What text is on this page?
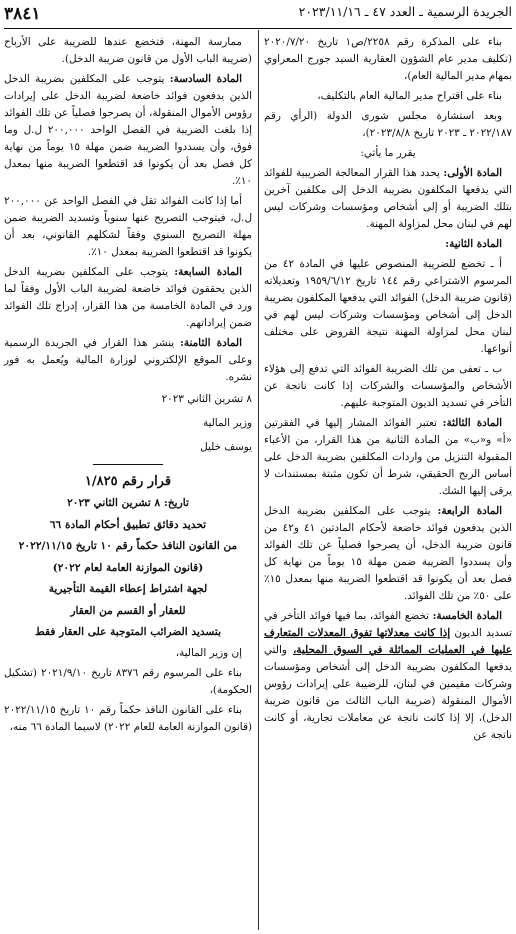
الجريدة الرسمية ـ العدد ٤٧ ـ ٢٠٢٣/١١/١٦
٣٨٤١

بناء على المذكرة رقم ٢٢٥٨/ص١ تاريخ ٢٠٢٠/٧/٢٠ (تكليف مدير عام الشؤون العقارية السيد جورج المعراوي بمهام مدير المالية العام)،

بناء على اقتراح مدير المالية العام بالتكليف،

وبعد استشارة مجلس شورى الدولة (الرأي رقم ٢٠٢٢/١٨٧ ـ ٢٠٢٣ تاريخ ٢٠٢٣/٨/٨)،

يقرر ما يأتي:

المادة الأولى: يحدد هذا القرار المعالجة الضريبية للفوائد التي يدفعها المكلفون بضريبة الدخل إلى مكلفين آخرين بتلك الضريبة أو إلى أشخاص ومؤسسات وشركات ليس لهم في لبنان محل لمزاولة المهنة.

المادة الثانية:

أ ـ تخضع للضريبة المنصوص عليها في المادة ٤٢ من المرسوم الاشتراعي رقم ١٤٤ تاريخ ١٩٥٩/٦/١٢ وتعديلاته (قانون ضريبة الدخل) الفوائد التي يدفعها المكلفون بضريبة الدخل إلى أشخاص ومؤسسات وشركات ليس لهم في لبنان محل لمزاولة المهنة نتيجة القروض على مختلف أنواعها.

ب ـ تعفى من تلك الضريبة الفوائد التي تدفع إلى هؤلاء الأشخاص والمؤسسات والشركات إذا كانت ناتجة عن التأخر في تسديد الديون المتوجبة عليهم.

المادة الثالثة: تعتبر الفوائد المشار إليها في الفقرتين «أ» و«ب» من المادة الثانية من هذا القرار، من الأعباء المقبولة التنزيل من واردات المكلفين بضريبة الدخل على أساس الربح الحقيقي، شرط أن تكون مثبتة بمستندات لا يرقى إليها الشك.

المادة الرابعة: يتوجب على المكلفين بضريبة الدخل الذين يدفعون فوائد خاضعة لأحكام المادتين ٤١ و٤٢ من قانون ضريبة الدخل، أن يصرحوا فصلياً عن تلك الفوائد وأن يسددوا الضريبة ضمن مهلة ١٥ يوماً من نهاية كل فصل بعد أن يكونوا قد اقتطعوا الضريبة منها بمعدل ١٥٪ على ٥٠٪ من تلك الفوائد.

المادة الخامسة: تخضع الفوائد، بما فيها فوائد التأخر في تسديد الديون إذا كانت معدلاتها تفوق المعدلات المتعارف عليها في العمليات المماثلة في السوق المحلية، والتي يدفعها المكلفون بضريبة الدخل إلى أشخاص ومؤسسات وشركات مقيمين في لبنان، للرضيبة على إيرادات رؤوس الأموال المنقولة (ضريبة الباب الثالث من قانون ضريبة الدخل)، إلا إذا كانت ناتجة عن معاملات تجارية، أو كانت ناتجة عن

ممارسة المهنة، فتخضع عندها للضريبة على الأرباح (ضريبة الباب الأول من قانون ضريبة الدخل).

المادة السادسة: يتوجب على المكلفين بضريبة الدخل الذين يدفعون فوائد خاضعة لضريبة الدخل على إيرادات رؤوس الأموال المنقولة، أن يصرحوا فصلياً عن تلك الفوائد إذا بلغت الضريبة في الفصل الواحد ٢٠٠,٠٠٠ ل.ل وما فوق، وأن يسددوا الضريبة ضمن مهلة ١٥ يوماً من نهاية كل فصل بعد أن يكونوا قد اقتطعوا الضريبة منها بمعدل ١٠٪.

أما إذا كانت الفوائد تقل في الفصل الواحد عن ٢٠٠,٠٠٠ ل.ل، فيتوجب التصريح عنها سنوياً وتسديد الضريبة ضمن مهلة التصريح السنوي وفقاً لشكلهم القانوني، بعد أن يكونوا قد اقتطعوا الضريبة بمعدل ١٠٪.

المادة السابعة: يتوجب على المكلفين بضريبة الدخل الذين يحققون فوائد خاضعة لضريبة الباب الأول وفقاً لما ورد في المادة الخامسة من هذا القرار، إدراج تلك الفوائد ضمن إيراداتهم.

المادة الثامنة: ينشر هذا القرار في الجريدة الرسمية وعلى الموقع الإلكتروني لوزارة المالية ويُعمل به فور نشره.

٨ تشرين الثاني ٢٠٢٣

وزير المالية

يوسف خليل

قرار رقم ١/٨٢٥

تاريخ: ٨ تشرين الثاني ٢٠٢٣

تحديد دقائق تطبيق أحكام المادة ٦٦

من القانون النافذ حكماً رقم ١٠ تاريخ ٢٠٢٢/١١/١٥

(قانون الموازنة العامة لعام ٢٠٢٢)

لجهة اشتراط إعطاء القيمة التأجيرية

للعقار أو القسم من العقار

بتسديد الضرائب المتوجبة على العقار فقط

إن وزير المالية،

بناء على المرسوم رقم ٨٣٧٦ تاريخ ٢٠٢١/٩/١٠ (تشكيل الحكومة)،

بناء على القانون النافذ حكماً رقم ١٠ تاريخ ٢٠٢٢/١١/١٥ (قانون الموازنة العامة للعام ٢٠٢٢) لاسيما المادة ٦٦ منه،
